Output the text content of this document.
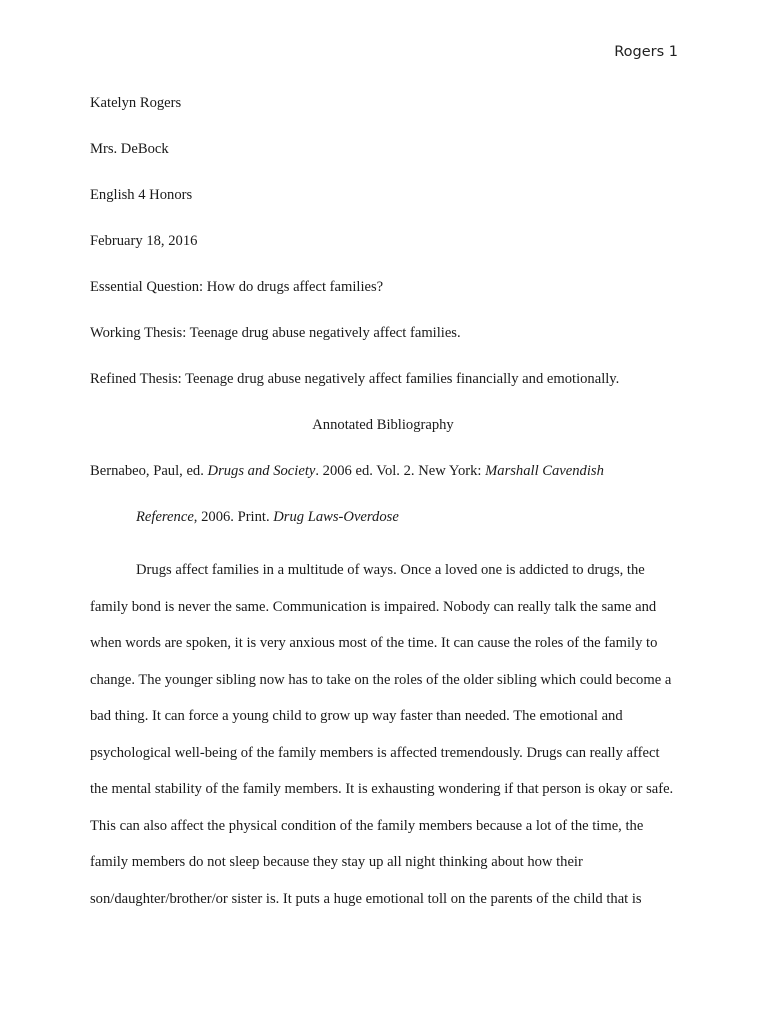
Rogers 1
Katelyn Rogers
Mrs. DeBock
English 4 Honors
February 18, 2016
Essential Question: How do drugs affect families?
Working Thesis: Teenage drug abuse negatively affect families.
Refined Thesis: Teenage drug abuse negatively affect families financially and emotionally.
Annotated Bibliography
Bernabeo, Paul, ed. Drugs and Society. 2006 ed. Vol. 2. New York: Marshall Cavendish
Reference, 2006. Print. Drug Laws-Overdose

Drugs affect families in a multitude of ways. Once a loved one is addicted to drugs, the family bond is never the same. Communication is impaired. Nobody can really talk the same and when words are spoken, it is very anxious most of the time. It can cause the roles of the family to change. The younger sibling now has to take on the roles of the older sibling which could become a bad thing. It can force a young child to grow up way faster than needed. The emotional and psychological well-being of the family members is affected tremendously. Drugs can really affect the mental stability of the family members. It is exhausting wondering if that person is okay or safe. This can also affect the physical condition of the family members because a lot of the time, the family members do not sleep because they stay up all night thinking about how their son/daughter/brother/or sister is. It puts a huge emotional toll on the parents of the child that is
